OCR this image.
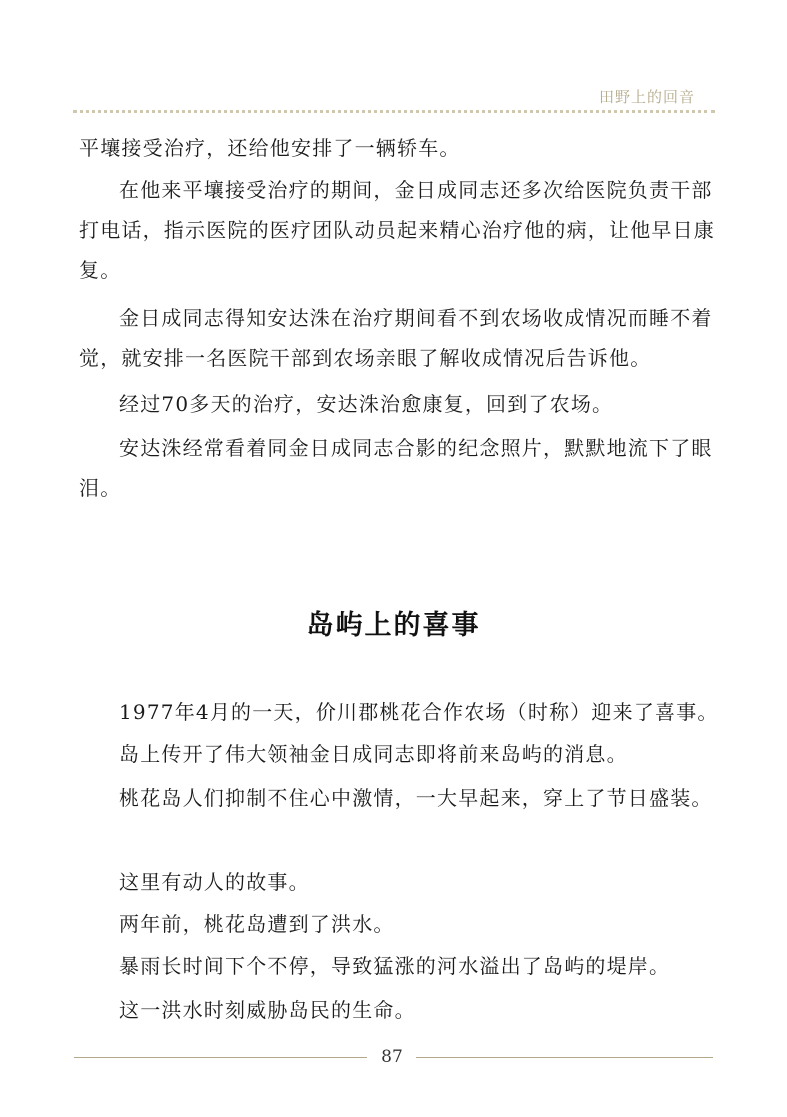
田野上的回音

平壤接受治疗，还给他安排了一辆轿车。

在他来平壤接受治疗的期间，金日成同志还多次给医院负责干部打电话，指示医院的医疗团队动员起来精心治疗他的病，让他早日康复。

金日成同志得知安达洙在治疗期间看不到农场收成情况而睡不着觉，就安排一名医院干部到农场亲眼了解收成情况后告诉他。

经过70多天的治疗，安达洙治愈康复，回到了农场。

安达洙经常看着同金日成同志合影的纪念照片，默默地流下了眼泪。

岛屿上的喜事

1977年4月的一天，价川郡桃花合作农场（时称）迎来了喜事。

岛上传开了伟大领袖金日成同志即将前来岛屿的消息。

桃花岛人们抑制不住心中激情，一大早起来，穿上了节日盛装。

这里有动人的故事。

两年前，桃花岛遭到了洪水。

暴雨长时间下个不停，导致猛涨的河水溢出了岛屿的堤岸。

这一洪水时刻威胁岛民的生命。

87
